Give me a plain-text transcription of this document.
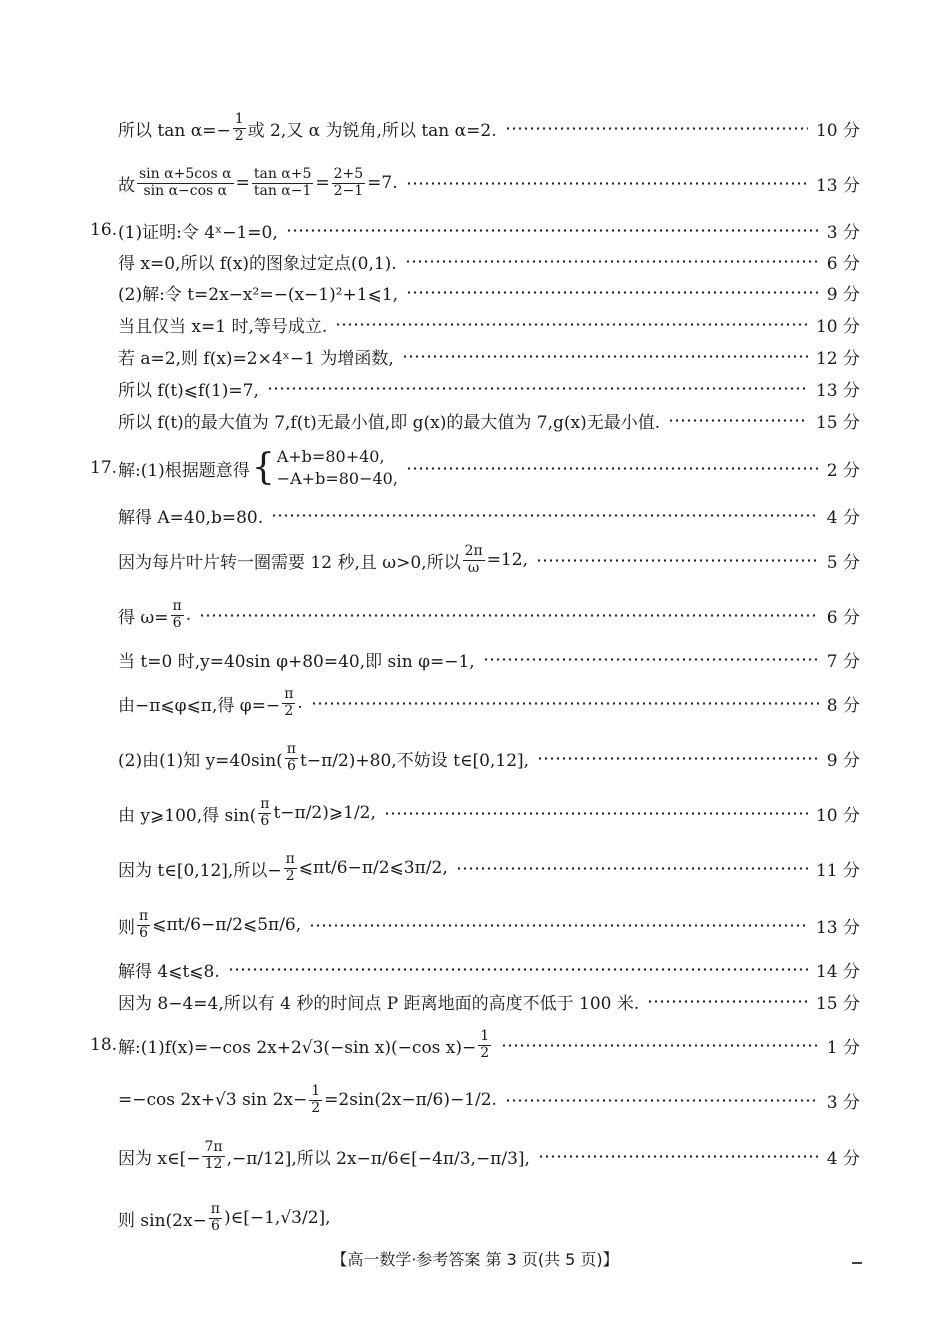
所以 $\tan \alpha=- \frac{1}{2}$ 或 2,又 α 为锐角,所以 tan α=2.	10 分
故 $\frac{\text{sin α+5cos α}}{\text{sin α−cos α}} = \frac{\text{tan α+5}}{\text{tan α−1}} = \frac{2+5}{2-1} =7$.	13 分
16. (1)证明:令 4ˣ−1=0,	3 分
得 x=0,所以 f(x)的图象过定点(0,1).	6 分
(2)解:令 t=2x−x²=−(x−1)²+1⩽1,	9 分
当且仅当 x=1 时,等号成立.	10 分
若 a=2,则 f(x)=2×4ˣ−1 为增函数,	12 分
所以 f(t)⩽f(1)=7,	13 分
所以 f(t)的最大值为 7,f(t)无最小值,即 g(x)的最大值为 7,g(x)无最小值.	15 分
17. 解:(1)根据题意得 { A+b=80+40,
−A+b=80−40,	2 分
解得 A=40,b=80.	4 分
因为每片叶片转一圈需要 12 秒,且 ω>0,所以 $\frac{2\pi}{\omega} =12$,	5 分
得 $\omega= \frac{\pi}{6}$ .	6 分
当 t=0 时,y=40sin φ+80=40,即 sin φ=−1,	7 分
由−π⩽φ⩽π,得 $\varphi=- \frac{\pi}{2}$ .	8 分
(2)由(1)知 $y=40\sin( \frac{\pi}{6} t-\pi/2)+80$,不妨设 t∈[0,12],	9 分
由 y⩾100,得 $\sin( \frac{\pi}{6}$ t−π/2)⩾1/2,	10 分
因为 t∈[0,12],所以− $\frac{\pi}{2}$ ⩽πt/6−π/2⩽3π/2,	11 分
则 $\frac{\pi}{6}$ ⩽πt/6−π/2⩽5π/6,	13 分
解得 4⩽t⩽8.	14 分
因为 8−4=4,所以有 4 秒的时间点 P 距离地面的高度不低于 100 米.	15 分
18. 解:(1)f(x)=−cos 2x+2√3(−sin x)(−cos $x)- \frac{1}{2}$	1 分
=−cos 2x+√3 $\sin 2x- \frac{1}{2} =2\sin(2x-\pi/6)-1/2$.	3 分
因为 x∈[− $\frac{7\pi}{12} ,-\pi/12$],所以 2x−π/6∈[−4π/3,−π/3],	4 分
则 $\sin(2x- \frac{\pi}{6}$ )∈[−1,√3/2],
【高一数学·参考答案 第 3 页(共 5 页)】
